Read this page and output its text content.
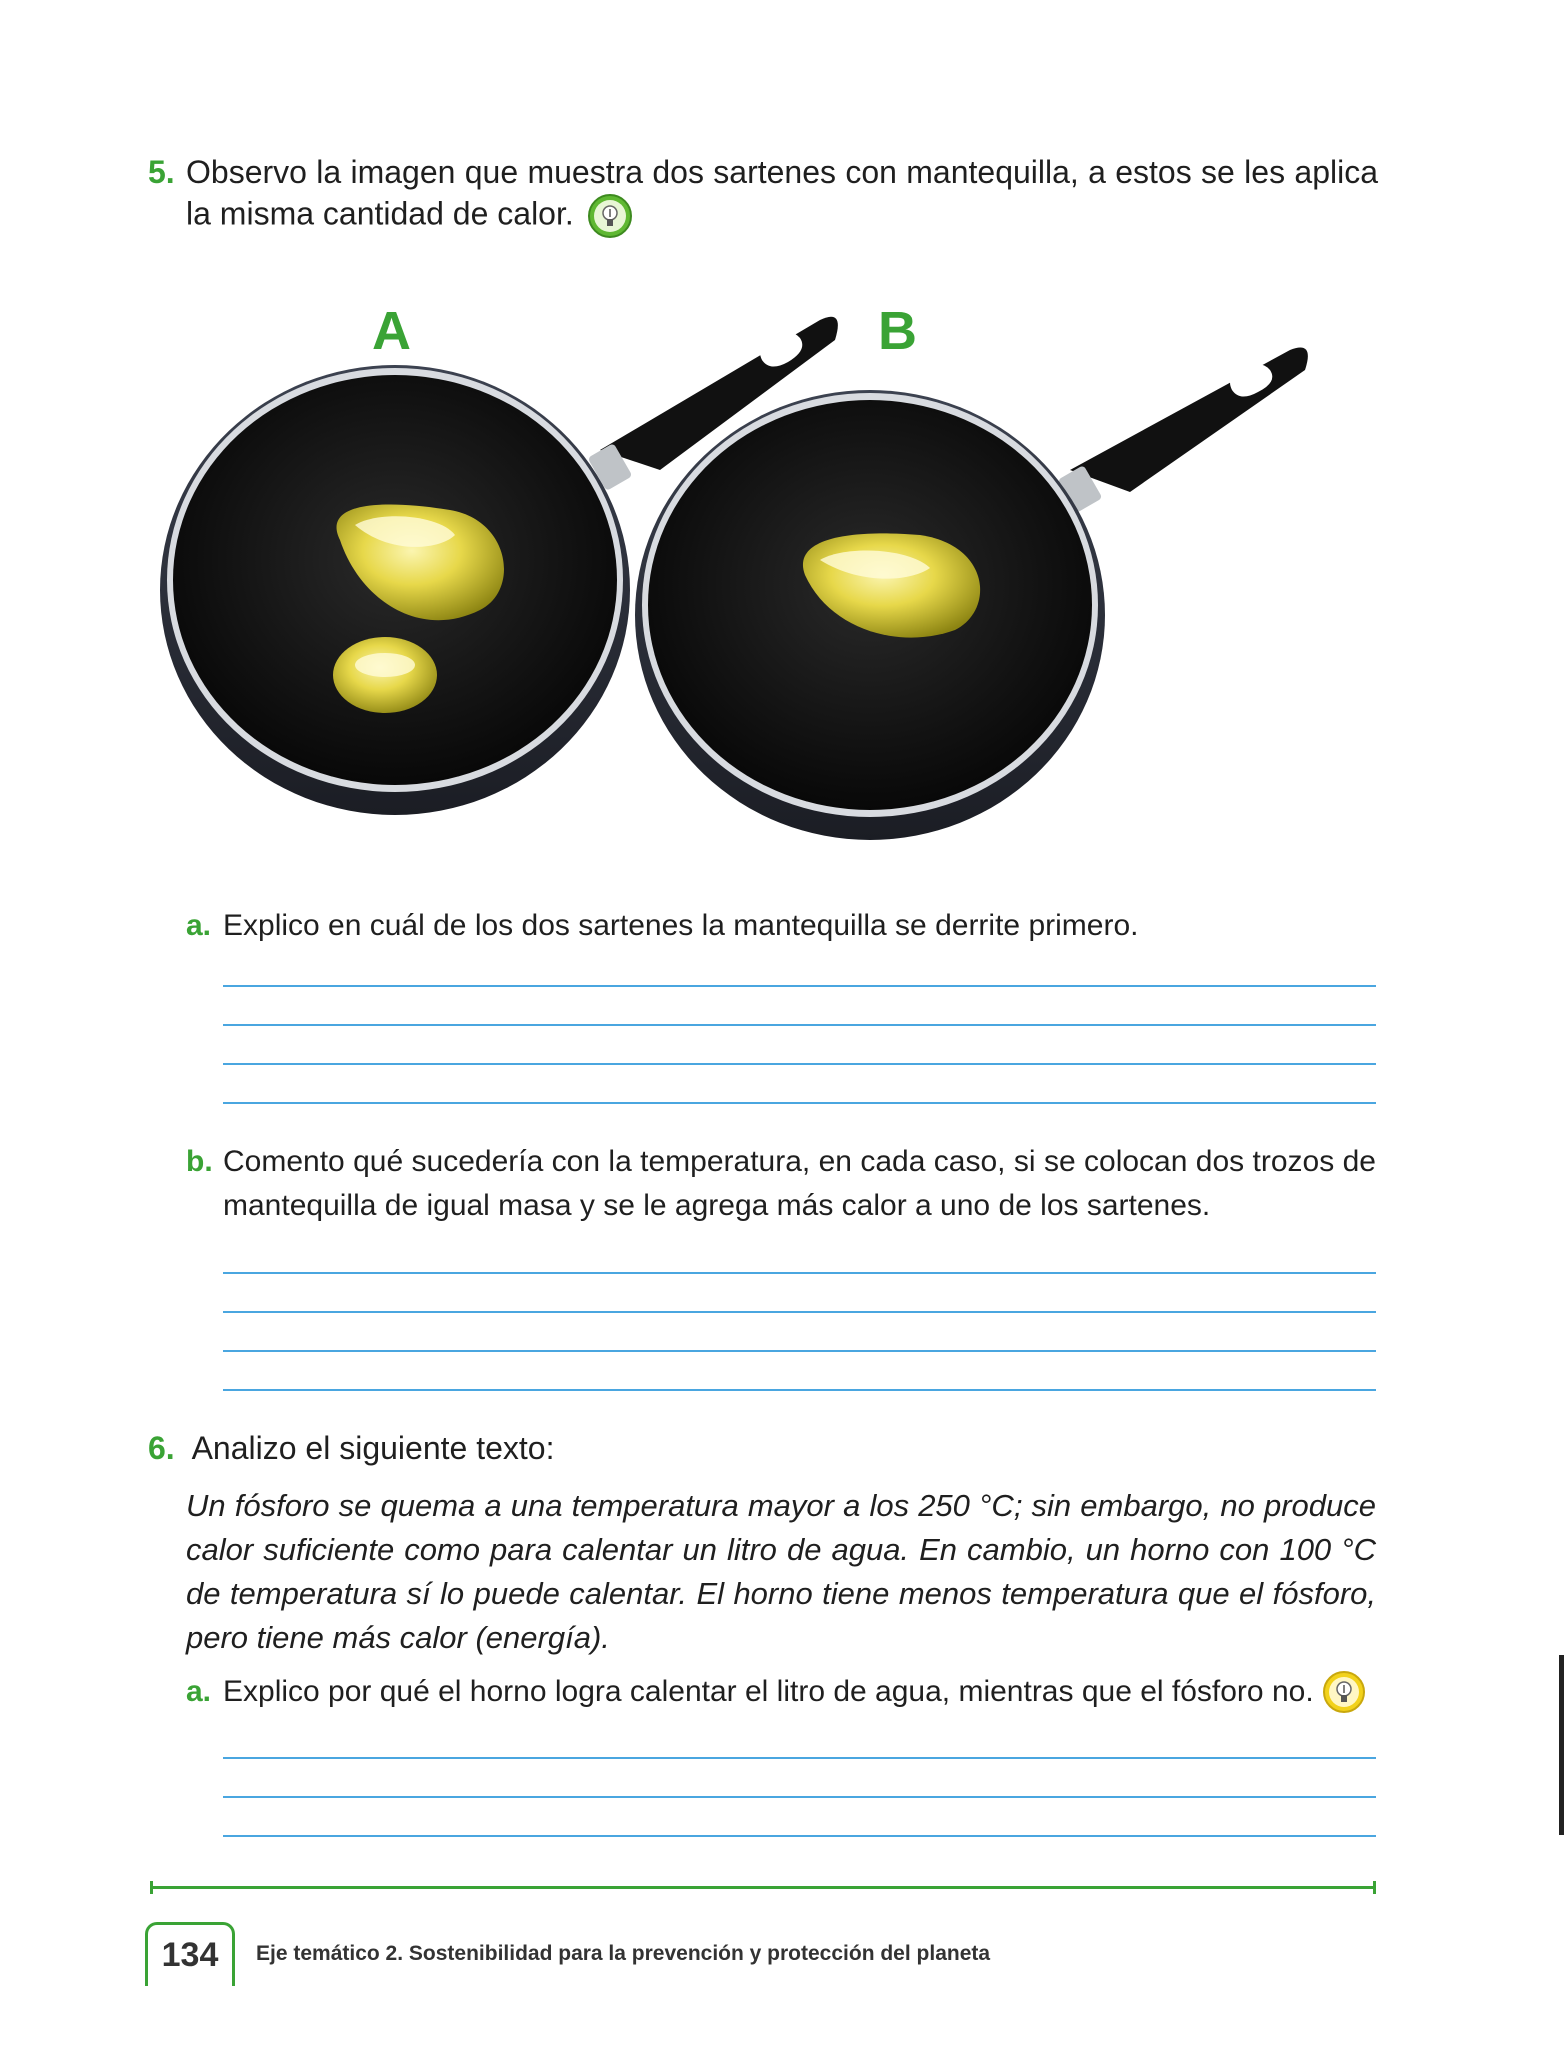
5. Observo la imagen que muestra dos sartenes con mantequilla, a estos se les aplica la misma cantidad de calor.
A	B
a. Explico en cuál de los dos sartenes la mantequilla se derrite primero.
b. Comento qué sucedería con la temperatura, en cada caso, si se colocan dos trozos de mantequilla de igual masa y se le agrega más calor a uno de los sartenes.
6. Analizo el siguiente texto:
Un fósforo se quema a una temperatura mayor a los 250 °C; sin embargo, no produce calor suficiente como para calentar un litro de agua. En cambio, un horno con 100 °C de temperatura sí lo puede calentar. El horno tiene menos temperatura que el fósforo, pero tiene más calor (energía).
a. Explico por qué el horno logra calentar el litro de agua, mientras que el fósforo no.
134	Eje temático 2. Sostenibilidad para la prevención y protección del planeta
